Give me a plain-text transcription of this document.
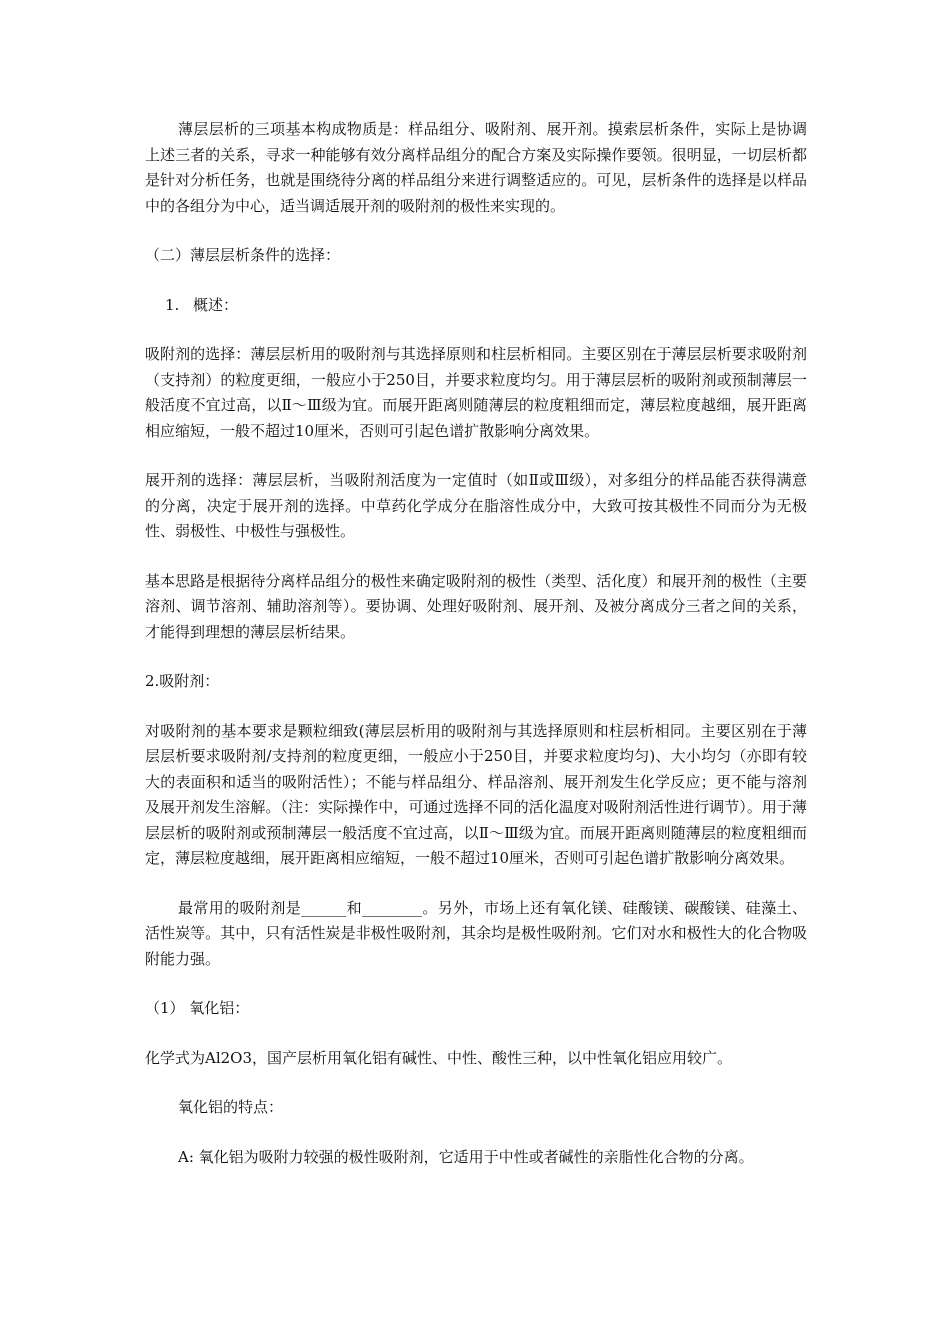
薄层层析的三项基本构成物质是：样品组分、吸附剂、展开剂。摸索层析条件，实际上是协调上述三者的关系，寻求一种能够有效分离样品组分的配合方案及实际操作要领。很明显，一切层析都是针对分析任务，也就是围绕待分离的样品组分来进行调整适应的。可见，层析条件的选择是以样品中的各组分为中心，适当调适展开剂的吸附剂的极性来实现的。

（二）薄层层析条件的选择：

1. 概述：

吸附剂的选择：薄层层析用的吸附剂与其选择原则和柱层析相同。主要区别在于薄层层析要求吸附剂（支持剂）的粒度更细，一般应小于250目，并要求粒度均匀。用于薄层层析的吸附剂或预制薄层一般活度不宜过高，以Ⅱ～Ⅲ级为宜。而展开距离则随薄层的粒度粗细而定，薄层粒度越细，展开距离相应缩短，一般不超过10厘米，否则可引起色谱扩散影响分离效果。

展开剂的选择：薄层层析，当吸附剂活度为一定值时（如Ⅱ或Ⅲ级），对多组分的样品能否获得满意的分离，决定于展开剂的选择。中草药化学成分在脂溶性成分中，大致可按其极性不同而分为无极性、弱极性、中极性与强极性。

基本思路是根据待分离样品组分的极性来确定吸附剂的极性（类型、活化度）和展开剂的极性（主要溶剂、调节溶剂、辅助溶剂等）。要协调、处理好吸附剂、展开剂、及被分离成分三者之间的关系，才能得到理想的薄层层析结果。

2.吸附剂：

对吸附剂的基本要求是颗粒细致(薄层层析用的吸附剂与其选择原则和柱层析相同。主要区别在于薄层层析要求吸附剂/支持剂的粒度更细，一般应小于250目，并要求粒度均匀)、大小均匀（亦即有较大的表面积和适当的吸附活性）；不能与样品组分、样品溶剂、展开剂发生化学反应；更不能与溶剂及展开剂发生溶解。（注：实际操作中，可通过选择不同的活化温度对吸附剂活性进行调节）。用于薄层层析的吸附剂或预制薄层一般活度不宜过高，以Ⅱ～Ⅲ级为宜。而展开距离则随薄层的粒度粗细而定，薄层粒度越细，展开距离相应缩短，一般不超过10厘米，否则可引起色谱扩散影响分离效果。

最常用的吸附剂是______和________。另外，市场上还有氧化镁、硅酸镁、碳酸镁、硅藻土、活性炭等。其中，只有活性炭是非极性吸附剂，其余均是极性吸附剂。它们对水和极性大的化合物吸附能力强。

（1） 氧化铝：

化学式为Al2O3，国产层析用氧化铝有碱性、中性、酸性三种，以中性氧化铝应用较广。

氧化铝的特点：

A: 氧化铝为吸附力较强的极性吸附剂，它适用于中性或者碱性的亲脂性化合物的分离。
